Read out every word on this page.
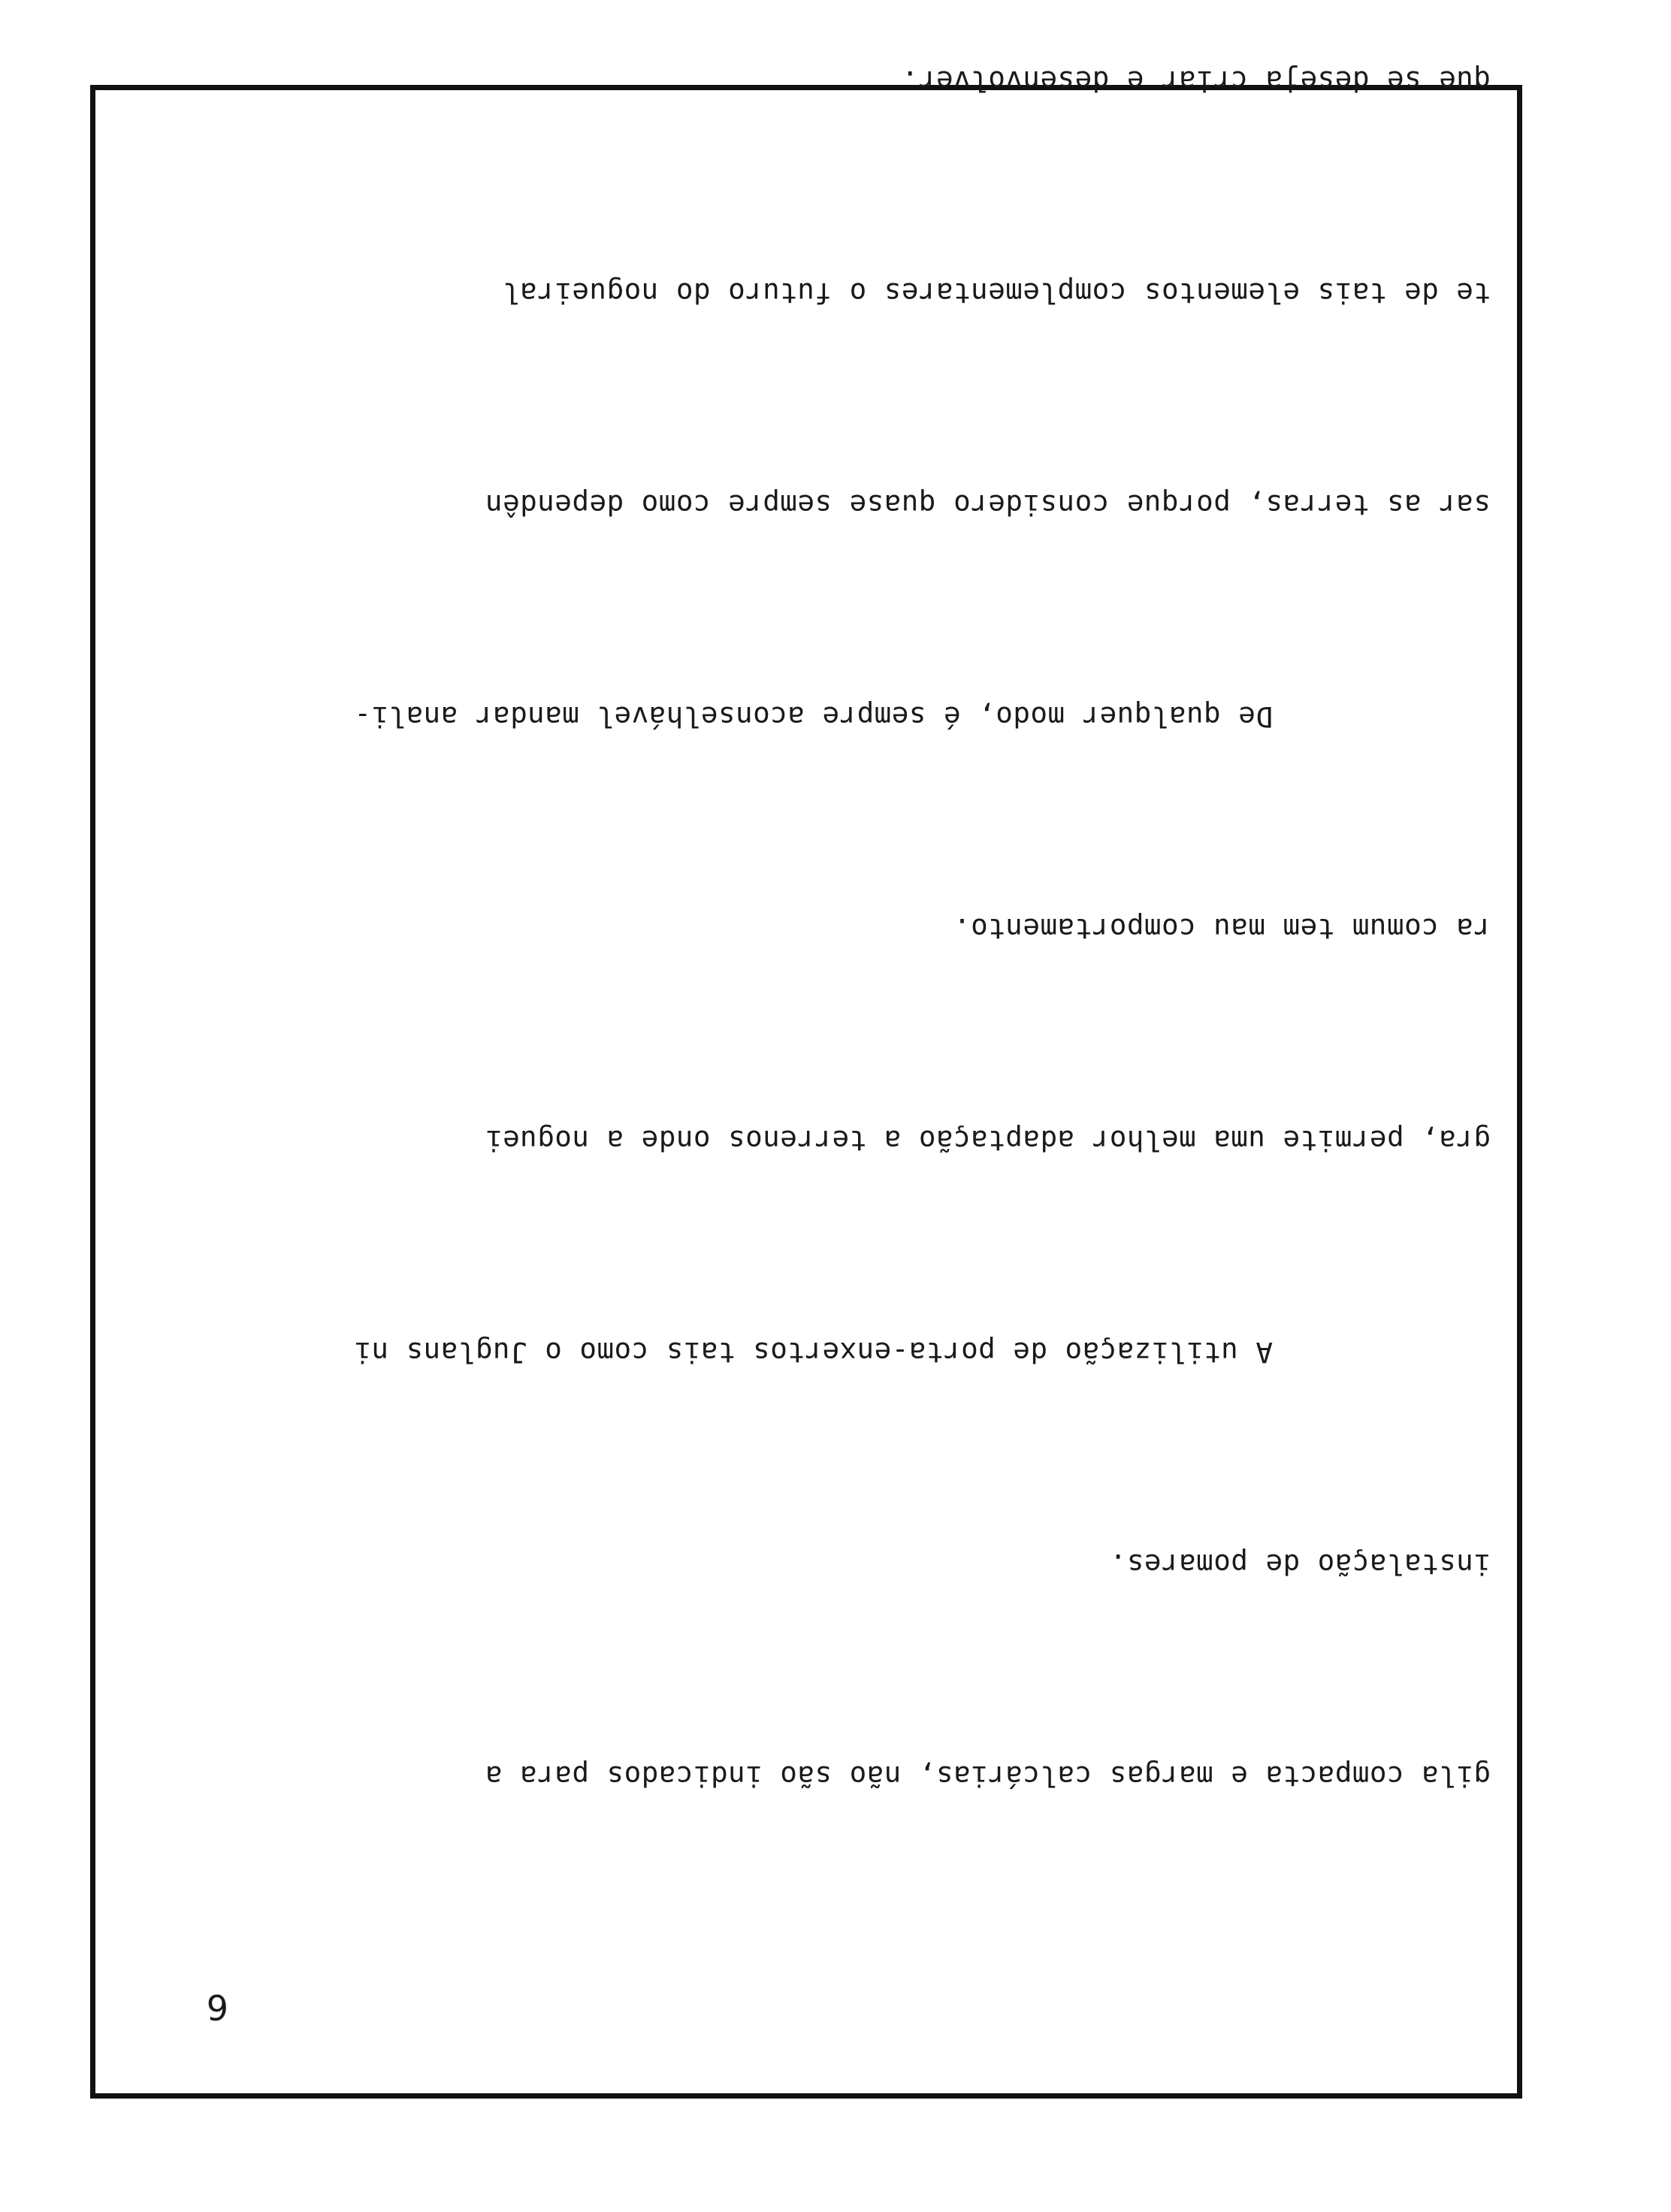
6

gila compacta e margas calcárias, não são indicados para a

instalação de pomares.

A utilização de porta-enxertos tais como o Juglans ni

gra, permite uma melhor adaptação a terrenos onde a noguei

ra comum tem mau comportamento.

De qualquer modo, é sempre aconselhável mandar anali-

sar as terras, porque considero quase sempre como dependên

te de tais elementos complementares o futuro do nogueiral

que se deseja criar e desenvolver.
